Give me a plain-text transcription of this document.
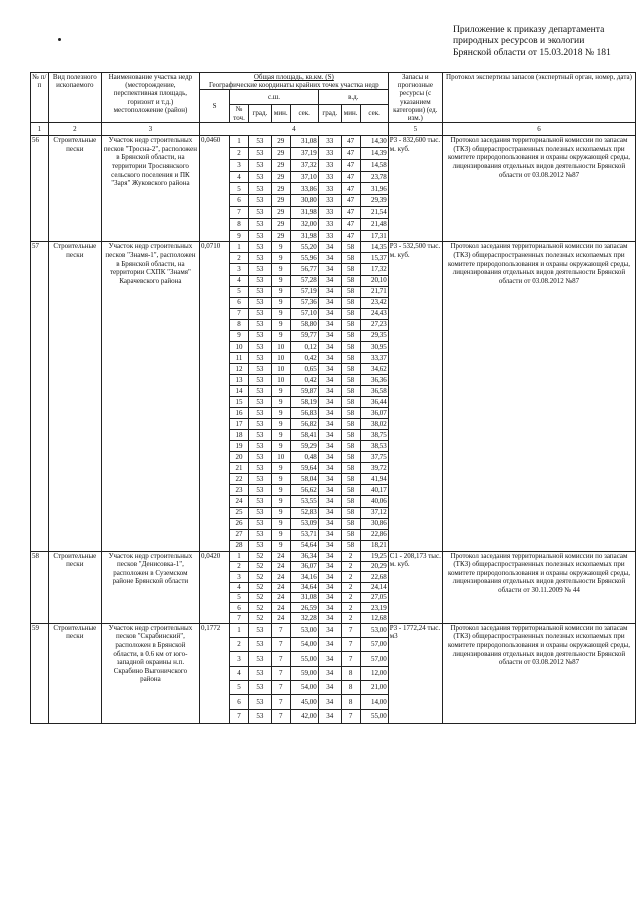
Приложение к приказу департамента
природных ресурсов и экологии
Брянской области от 15.03.2018 № 181
№ п/п	Вид полезного ископаемого	Наименование участка недр (месторождение, перспективная площадь, горизонт и т.д.) местоположение (район)	Общая площадь, кв.км. (S)
Географические координаты крайних точек участка недр								Запасы и прогнозные ресурсы (с указанием категории) (ед. изм.)	Протокол экспертизы запасов (экспертный орган, номер, дата)
			S	с.ш.				в.д.				
				№ точ.	град.	мин.	сек.	град.	мин.	сек.		
1	2	3	4								5	6
56	Строительные пески	Участок недр строительных песков "Тросна-2", расположен в Брянской области, на территории Троснянского сельского поселения и ПК "Заря" Жуковского района	0,0460	1	53	29	31,08	33	47	14,30	Р3 - 832,600 тыс. м. куб.	Протокол заседания территориальной комиссии по запасам (ТКЗ) общераспространенных полезных ископаемых при комитете природопользования и охраны окружающей среды, лицензирования отдельных видов деятельности Брянской области от 03.08.2012 №87
				2	53	29	37,19	33	47	14,39		
				3	53	29	37,32	33	47	14,58		
				4	53	29	37,10	33	47	23,78		
				5	53	29	33,86	33	47	31,96		
				6	53	29	30,80	33	47	29,39		
				7	53	29	31,98	33	47	21,54		
				8	53	29	32,00	33	47	21,48		
				9	53	29	31,98	33	47	17,31		
57	Строительные пески	Участок недр строительных песков "Знамя-1", расположен в Брянской области, на территории СХПК "Знамя" Карачевского района	0,0710	1	53	9	55,20	34	58	14,35	Р3 - 532,500 тыс. м. куб.	Протокол заседания территориальной комиссии по запасам (ТКЗ) общераспространенных полезных ископаемых при комитете природопользования и охраны окружающей среды, лицензирования отдельных видов деятельности Брянской области от 03.08.2012 №87
				2	53	9	55,96	34	58	15,37		
				3	53	9	56,77	34	58	17,32		
				4	53	9	57,28	34	58	20,10		
				5	53	9	57,19	34	58	21,71		
				6	53	9	57,36	34	58	23,42		
				7	53	9	57,10	34	58	24,43		
				8	53	9	58,80	34	58	27,23		
				9	53	9	59,77	34	58	29,35		
				10	53	10	0,12	34	58	30,95		
				11	53	10	0,42	34	58	33,37		
				12	53	10	0,65	34	58	34,62		
				13	53	10	0,42	34	58	36,36		
				14	53	9	59,87	34	58	36,58		
				15	53	9	58,19	34	58	36,44		
				16	53	9	56,83	34	58	36,07		
				17	53	9	56,82	34	58	38,02		
				18	53	9	58,41	34	58	38,75		
				19	53	9	59,29	34	58	38,53		
				20	53	10	0,48	34	58	37,75		
				21	53	9	59,64	34	58	39,72		
				22	53	9	58,04	34	58	41,94		
				23	53	9	56,62	34	58	40,17		
				24	53	9	53,55	34	58	40,06		
				25	53	9	52,83	34	58	37,12		
				26	53	9	53,09	34	58	30,86		
				27	53	9	53,71	34	58	22,86		
				28	53	9	54,64	34	58	18,21		
58	Строительные пески	Участок недр строительных песков "Денисовка-1", расположен в Суземском районе Брянской области	0,0420	1	52	24	36,34	34	2	19,25	С1 - 208,173 тыс. м. куб.	Протокол заседания территориальной комиссии по запасам (ТКЗ) общераспространенных полезных ископаемых при комитете природопользования и охраны окружающей среды, лицензирования отдельных видов деятельности Брянской области от 30.11.2009 № 44
				2	52	24	36,07	34	2	20,29		
				3	52	24	34,16	34	2	22,68		
				4	52	24	34,64	34	2	24,14		
				5	52	24	31,08	34	2	27,05		
				6	52	24	26,59	34	2	23,19		
				7	52	24	32,28	34	2	12,68		
59	Строительные пески	Участок недр строительных песков "Скрабинский", расположен в Брянской области, в 0.6 км от юго-западной окраины н.п. Скрабино Выгоничского района	0,1772	1	53	7	53,00	34	7	53,00	Р3 - 1772,24 тыс. м3	Протокол заседания территориальной комиссии по запасам (ТКЗ) общераспространенных полезных ископаемых при комитете природопользования и охраны окружающей среды, лицензирования отдельных видов деятельности Брянской области от 03.08.2012 №87
				2	53	7	54,00	34	7	57,00		
				3	53	7	55,00	34	7	57,00		
				4	53	7	59,00	34	8	12,00		
				5	53	7	54,00	34	8	21,00		
				6	53	7	45,00	34	8	14,00		
				7	53	7	42,00	34	7	55,00		
